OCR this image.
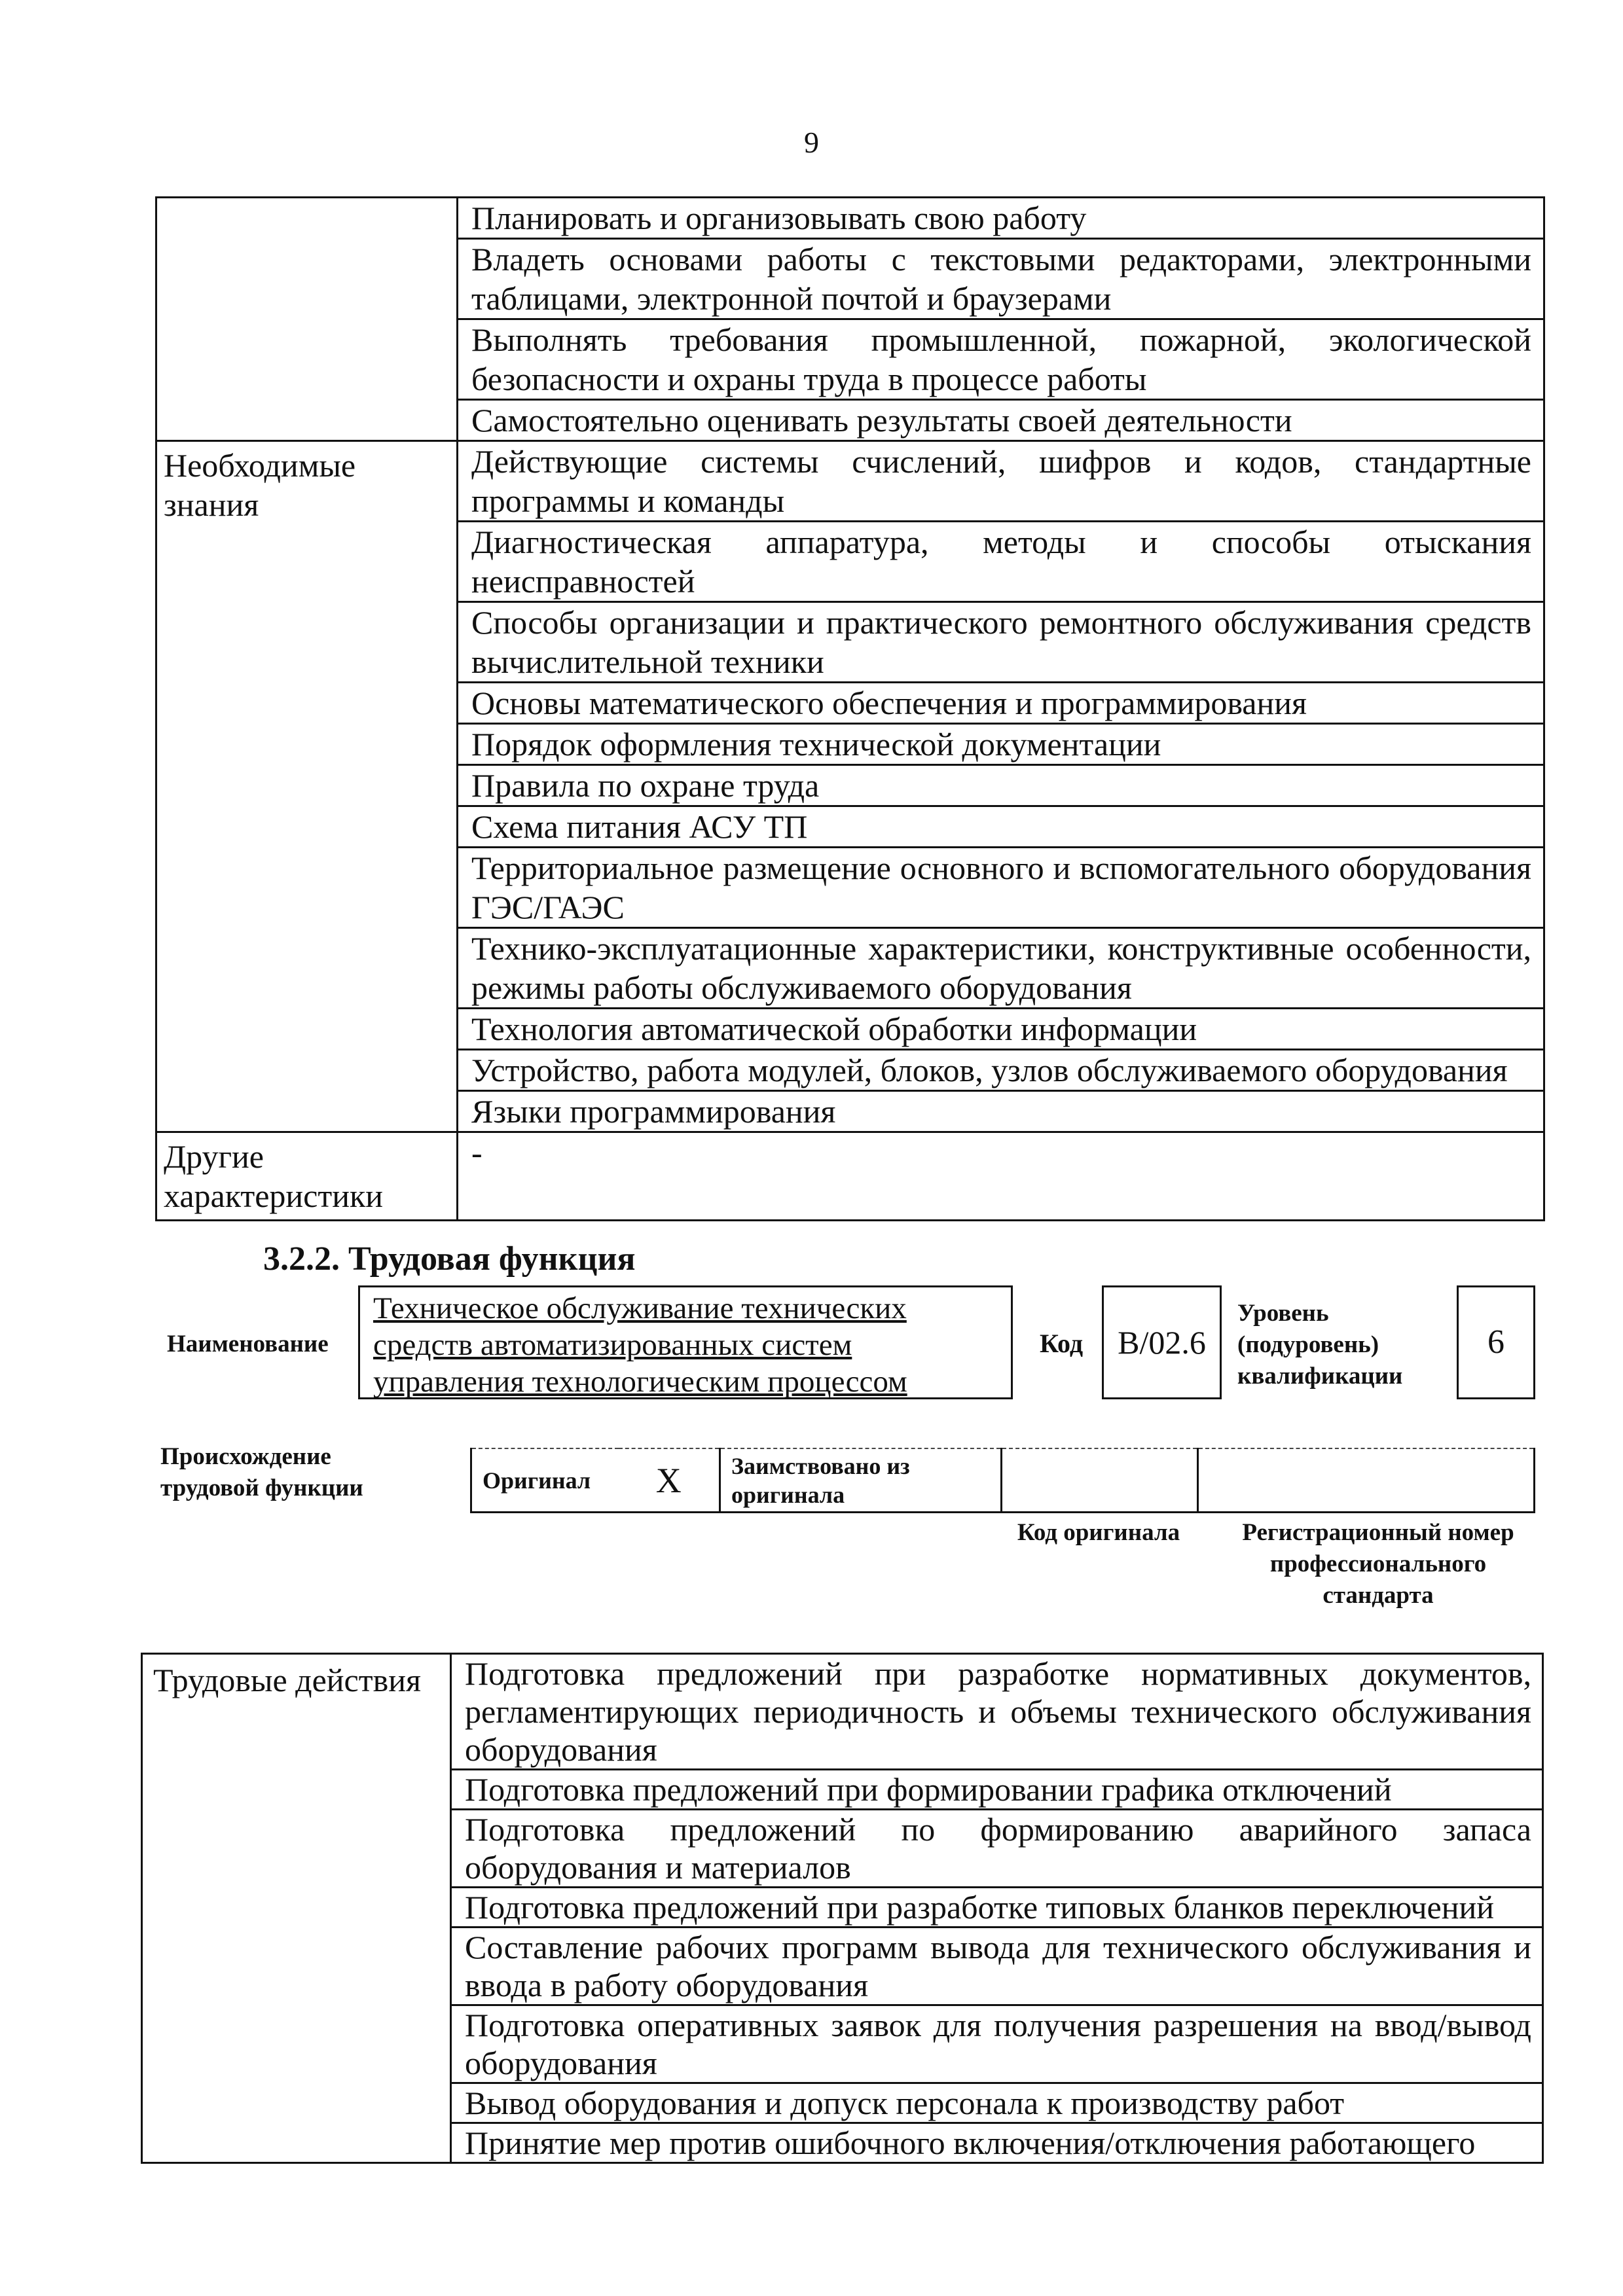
9
	Планировать и организовывать свою работу
	Владеть основами работы с текстовыми редакторами, электронными таблицами, электронной почтой и браузерами
	Выполнять требования промышленной, пожарной, экологической безопасности и охраны труда в процессе работы
	Самостоятельно оценивать результаты своей деятельности
Необходимые знания	Действующие системы счислений, шифров и кодов, стандартные программы и команды
	Диагностическая аппаратура, методы и способы отыскания неисправностей
	Способы организации и практического ремонтного обслуживания средств вычислительной техники
	Основы математического обеспечения и программирования
	Порядок оформления технической документации
	Правила по охране труда
	Схема питания АСУ ТП
	Территориальное размещение основного и вспомогательного оборудования ГЭС/ГАЭС
	Технико-эксплуатационные характеристики, конструктивные особенности, режимы работы обслуживаемого оборудования
	Технология автоматической обработки информации
	Устройство, работа модулей, блоков, узлов обслуживаемого оборудования
	Языки программирования
Другие характеристики	-
3.2.2. Трудовая функция
Наименование
Техническое обслуживание технических средств автоматизированных систем управления технологическим процессом
Код	B/02.6
Уровень (подуровень) квалификации
6
Происхождение трудовой функции	Оригинал	X	Заимствовано из оригинала		
Код оригинала	Регистрационный номер профессионального стандарта
Трудовые действия	Подготовка предложений при разработке нормативных документов, регламентирующих периодичность и объемы технического обслуживания оборудования
Подготовка предложений при формировании графика отключений
Подготовка предложений по формированию аварийного запаса оборудования и материалов
Подготовка предложений при разработке типовых бланков переключений
Составление рабочих программ вывода для технического обслуживания и ввода в работу оборудования
Подготовка оперативных заявок для получения разрешения на ввод/вывод оборудования
Вывод оборудования и допуск персонала к производству работ
Принятие мер против ошибочного включения/отключения работающего
